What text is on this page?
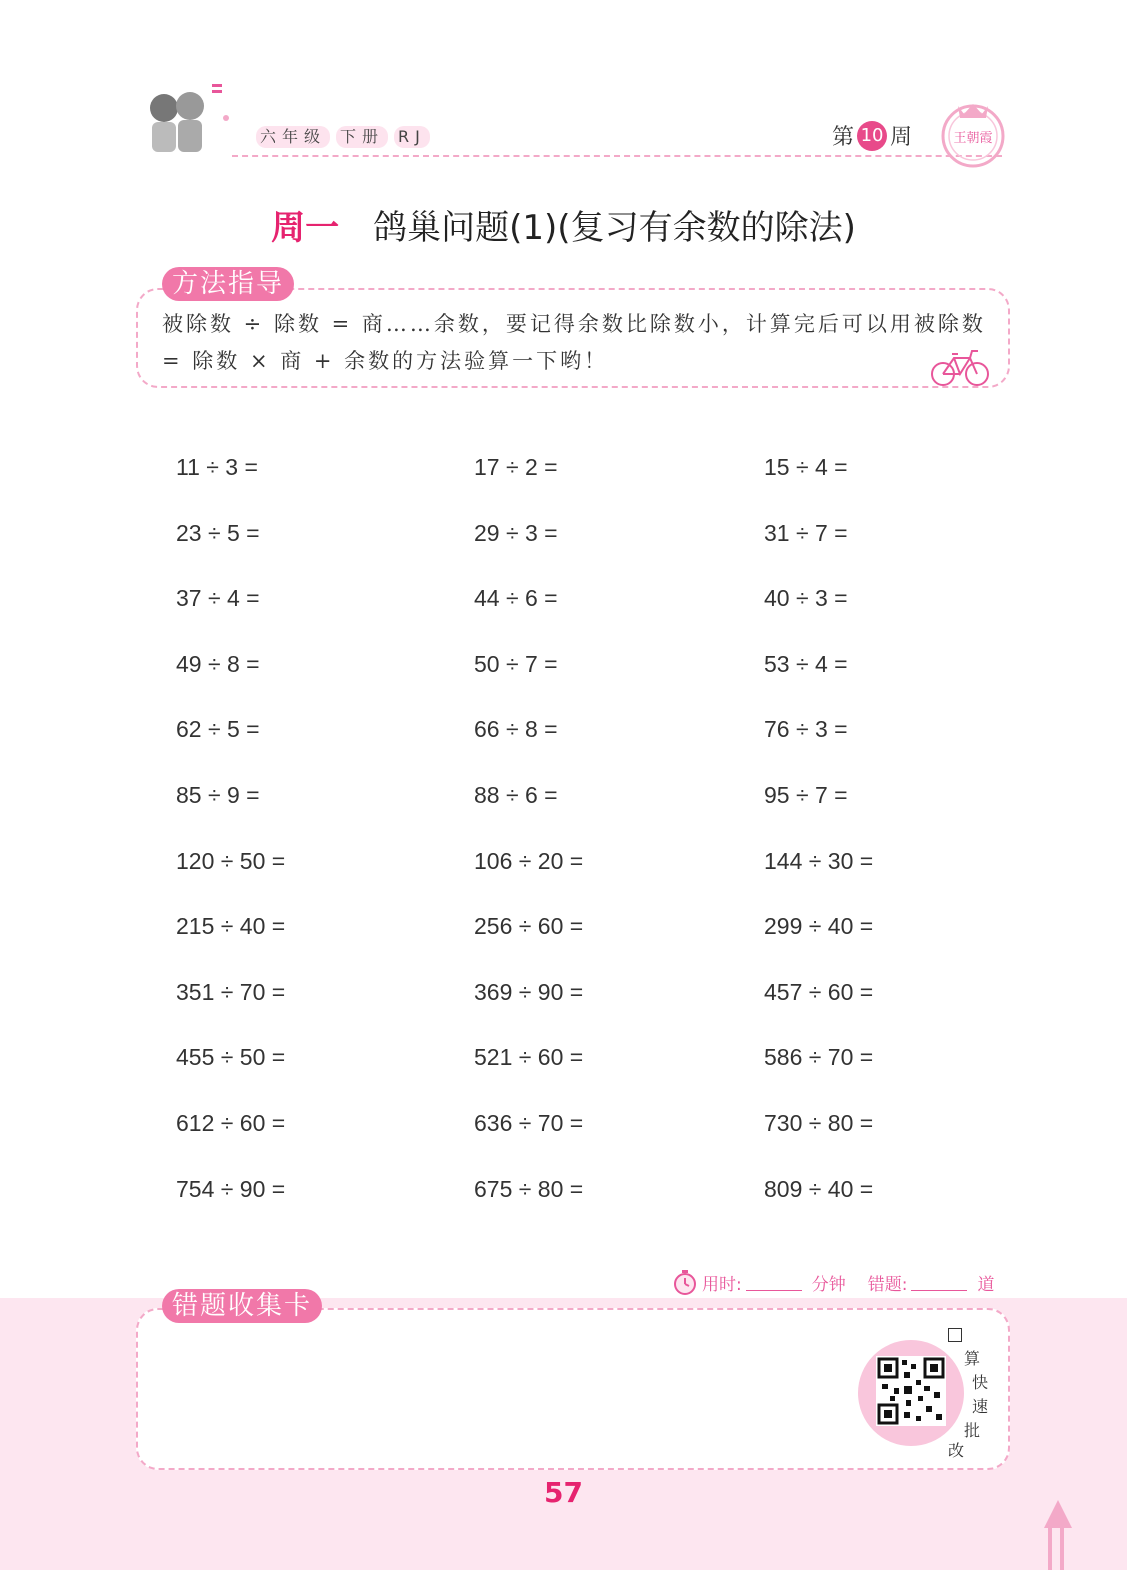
六年级 下册 RJ	第 10 周	王朝霞
周一 鸽巢问题(1)(复习有余数的除法)
方法指导
被除数 ÷ 除数 = 商……余数，要记得余数比除数小，计算完后可以用被除数
= 除数 × 商 + 余数的方法验算一下哟！
11 ÷ 3 =	17 ÷ 2 =	15 ÷ 4 =
23 ÷ 5 =	29 ÷ 3 =	31 ÷ 7 =
37 ÷ 4 =	44 ÷ 6 =	40 ÷ 3 =
49 ÷ 8 =	50 ÷ 7 =	53 ÷ 4 =
62 ÷ 5 =	66 ÷ 8 =	76 ÷ 3 =
85 ÷ 9 =	88 ÷ 6 =	95 ÷ 7 =
120 ÷ 50 =	106 ÷ 20 =	144 ÷ 30 =
215 ÷ 40 =	256 ÷ 60 =	299 ÷ 40 =
351 ÷ 70 =	369 ÷ 90 =	457 ÷ 60 =
455 ÷ 50 =	521 ÷ 60 =	586 ÷ 70 =
612 ÷ 60 =	636 ÷ 70 =	730 ÷ 80 =
754 ÷ 90 =	675 ÷ 80 =	809 ÷ 40 =
用时:	分钟 错题:	道
错题收集卡
算
快
速
批
改
57
